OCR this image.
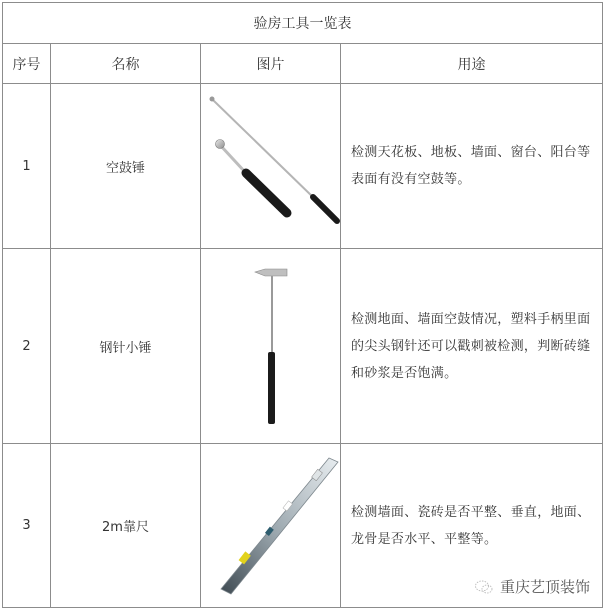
验房工具一览表			
序号	名称	图片	用途
1	空鼓锤		检测天花板、地板、墙面、窗台、阳台等表面有没有空鼓等。
2	钢针小锤		检测地面、墙面空鼓情况，塑料手柄里面的尖头钢针还可以戳刺被检测，判断砖缝和砂浆是否饱满。
3	2m靠尺		检测墙面、瓷砖是否平整、垂直，地面、龙骨是否水平、平整等。
重庆艺顶装饰
